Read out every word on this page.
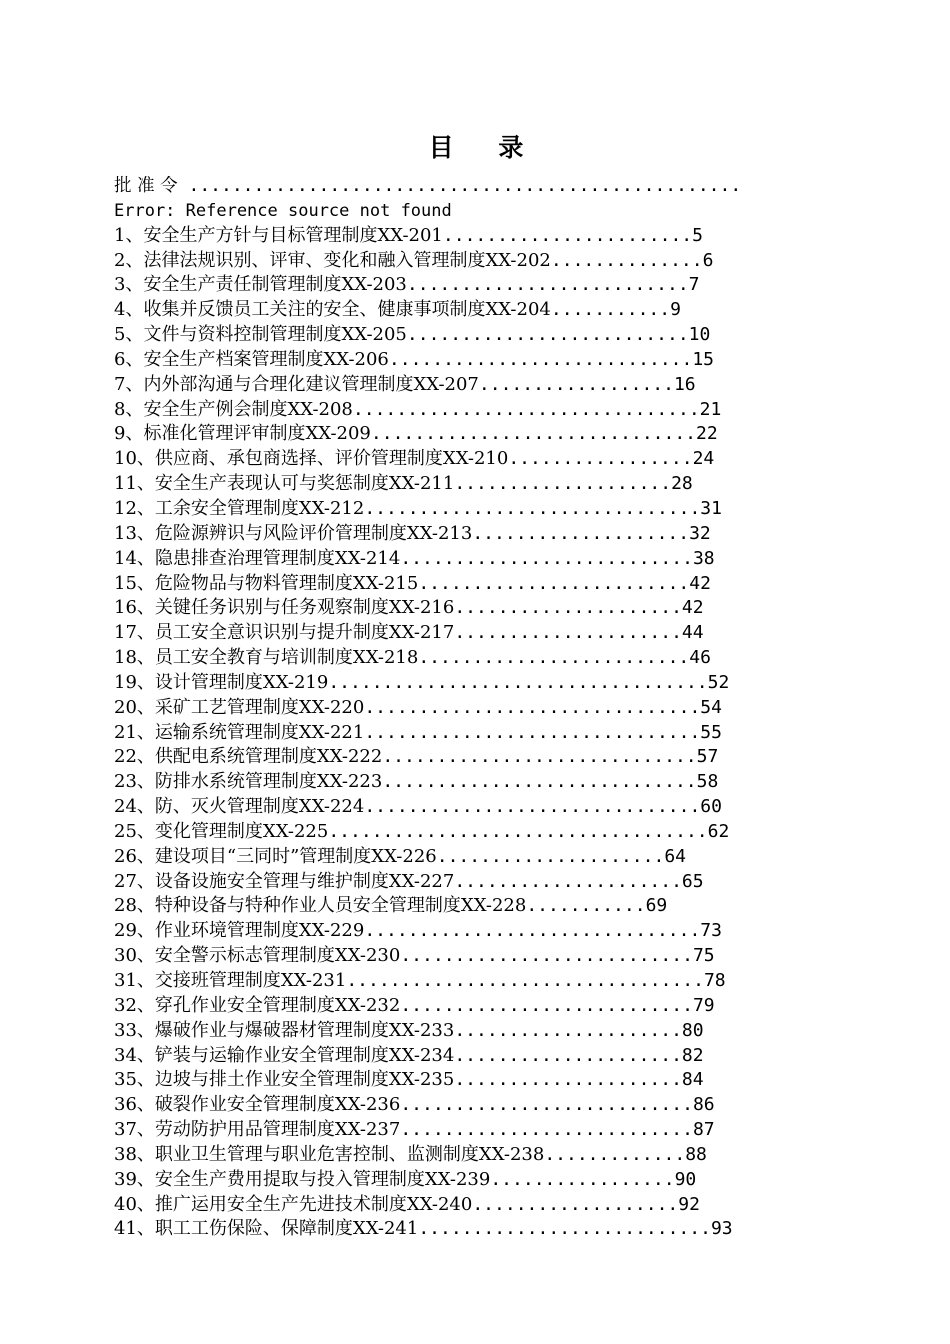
目 录
批 准 令 ...................................................
Error: Reference source not found
1、安全生产方针与目标管理制度XX-201.......................5
2、法律法规识别、评审、变化和融入管理制度XX-202..............6
3、安全生产责任制管理制度XX-203..........................7
4、收集并反馈员工关注的安全、健康事项制度XX-204...........9
5、文件与资料控制管理制度XX-205..........................10
6、安全生产档案管理制度XX-206............................15
7、内外部沟通与合理化建议管理制度XX-207..................16
8、安全生产例会制度XX-208................................21
9、标准化管理评审制度XX-209..............................22
10、供应商、承包商选择、评价管理制度XX-210.................24
11、安全生产表现认可与奖惩制度XX-211....................28
12、工余安全管理制度XX-212...............................31
13、危险源辨识与风险评价管理制度XX-213....................32
14、隐患排查治理管理制度XX-214...........................38
15、危险物品与物料管理制度XX-215.........................42
16、关键任务识别与任务观察制度XX-216.....................42
17、员工安全意识识别与提升制度XX-217.....................44
18、员工安全教育与培训制度XX-218.........................46
19、设计管理制度XX-219...................................52
20、采矿工艺管理制度XX-220...............................54
21、运输系统管理制度XX-221...............................55
22、供配电系统管理制度XX-222.............................57
23、防排水系统管理制度XX-223.............................58
24、防、灭火管理制度XX-224...............................60
25、变化管理制度XX-225...................................62
26、建设项目“三同时”管理制度XX-226.....................64
27、设备设施安全管理与维护制度XX-227.....................65
28、特种设备与特种作业人员安全管理制度XX-228...........69
29、作业环境管理制度XX-229...............................73
30、安全警示标志管理制度XX-230...........................75
31、交接班管理制度XX-231.................................78
32、穿孔作业安全管理制度XX-232...........................79
33、爆破作业与爆破器材管理制度XX-233.....................80
34、铲装与运输作业安全管理制度XX-234.....................82
35、边坡与排土作业安全管理制度XX-235.....................84
36、破裂作业安全管理制度XX-236...........................86
37、劳动防护用品管理制度XX-237...........................87
38、职业卫生管理与职业危害控制、监测制度XX-238.............88
39、安全生产费用提取与投入管理制度XX-239.................90
40、推广运用安全生产先进技术制度XX-240...................92
41、职工工伤保险、保障制度XX-241...........................93
